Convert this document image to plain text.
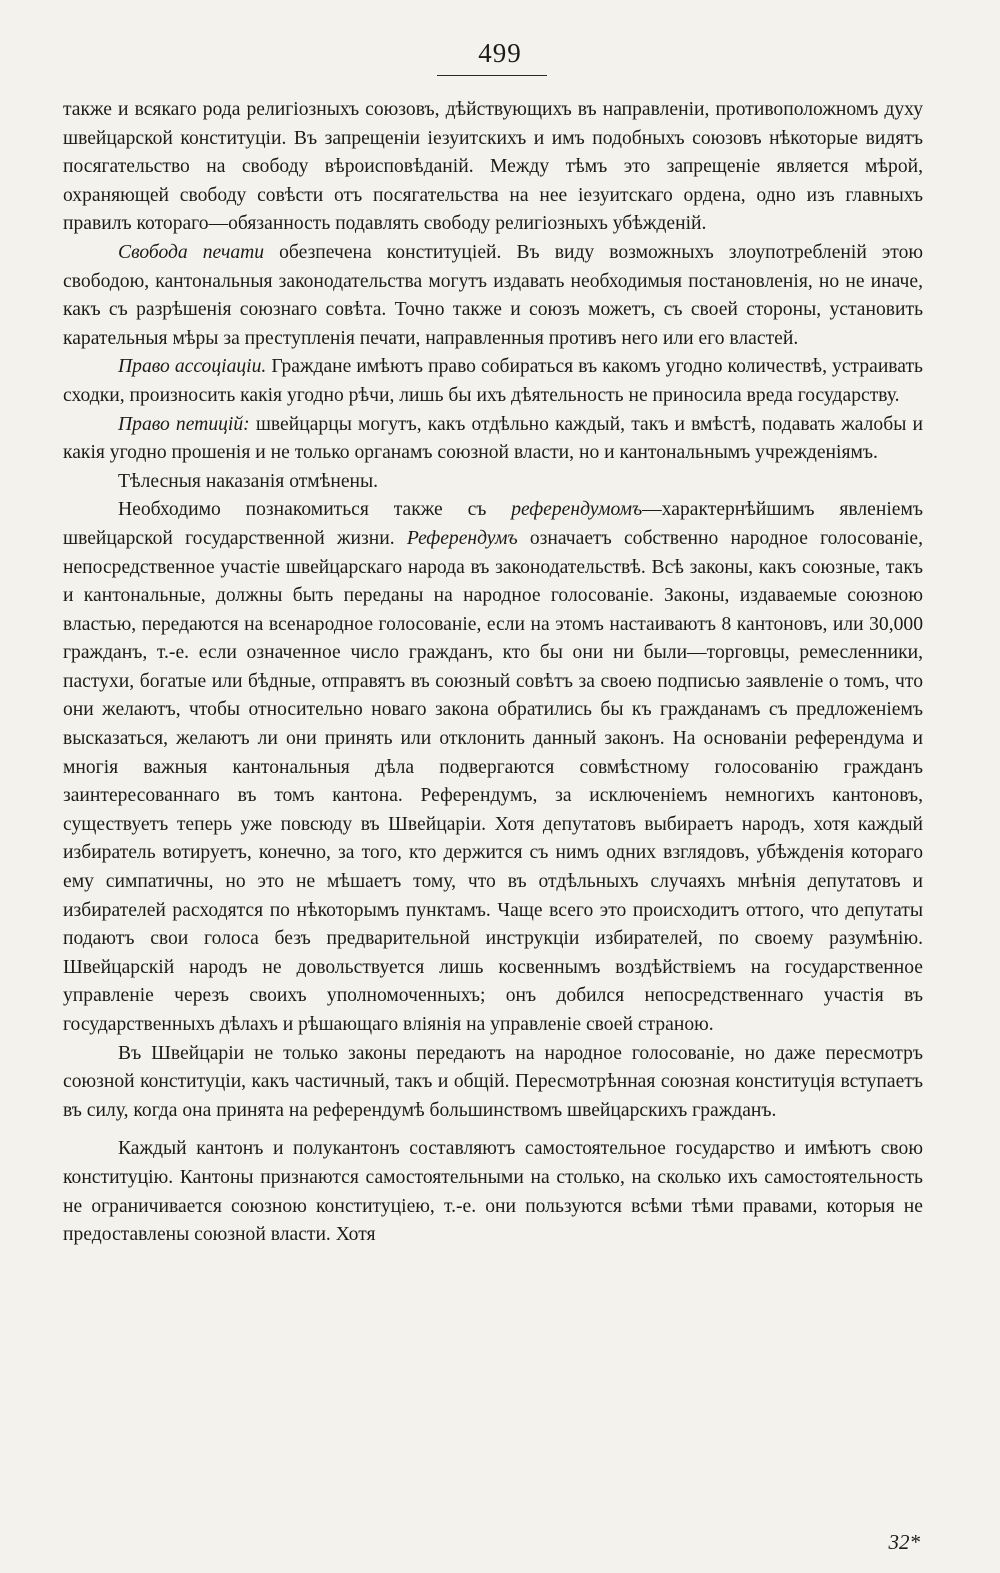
499

также и всякаго рода религіозныхъ союзовъ, дѣйствующихъ въ направленіи, противоположномъ духу швейцарской конституціи. Въ запрещеніи іезуитскихъ и имъ подобныхъ союзовъ нѣкоторые видятъ посягательство на свободу вѣроисповѣданій. Между тѣмъ это запрещеніе является мѣрой, охраняющей свободу совѣсти отъ посягательства на нее іезуитскаго ордена, одно изъ главныхъ правилъ котораго—обязанность подавлять свободу религіозныхъ убѣжденій.

Свобода печати обезпечена конституціей. Въ виду возможныхъ злоупотребленій этою свободою, кантональныя законодательства могутъ издавать необходимыя постановленія, но не иначе, какъ съ разрѣшенія союзнаго совѣта. Точно также и союзъ можетъ, съ своей стороны, установить карательныя мѣры за преступленія печати, направленныя противъ него или его властей.

Право ассоціаціи. Граждане имѣютъ право собираться въ какомъ угодно количествѣ, устраивать сходки, произносить какія угодно рѣчи, лишь бы ихъ дѣятельность не приносила вреда государству.

Право петицій: швейцарцы могутъ, какъ отдѣльно каждый, такъ и вмѣстѣ, подавать жалобы и какія угодно прошенія и не только органамъ союзной власти, но и кантональнымъ учрежденіямъ.

Тѣлесныя наказанія отмѣнены.

Необходимо познакомиться также съ референдумомъ—характернѣйшимъ явленіемъ швейцарской государственной жизни. Референдумъ означаетъ собственно народное голосованіе, непосредственное участіе швейцарскаго народа въ законодательствѣ. Всѣ законы, какъ союзные, такъ и кантональные, должны быть переданы на народное голосованіе. Законы, издаваемые союзною властью, передаются на всенародное голосованіе, если на этомъ настаиваютъ 8 кантоновъ, или 30,000 гражданъ, т.-е. если означенное число гражданъ, кто бы они ни были—торговцы, ремесленники, пастухи, богатые или бѣдные, отправятъ въ союзный совѣтъ за своею подписью заявленіе о томъ, что они желаютъ, чтобы относительно новаго закона обратились бы къ гражданамъ съ предложеніемъ высказаться, желаютъ ли они принять или отклонить данный законъ. На основаніи референдума и многія важныя кантональныя дѣла подвергаются совмѣстному голосованію гражданъ заинтересованнаго въ томъ кантона. Референдумъ, за исключеніемъ немногихъ кантоновъ, существуетъ теперь уже повсюду въ Швейцаріи. Хотя депутатовъ выбираетъ народъ, хотя каждый избиратель вотируетъ, конечно, за того, кто держится съ нимъ одних взглядовъ, убѣжденія котораго ему симпатичны, но это не мѣшаетъ тому, что въ отдѣльныхъ случаяхъ мнѣнія депутатовъ и избирателей расходятся по нѣкоторымъ пунктамъ. Чаще всего это происходитъ оттого, что депутаты подаютъ свои голоса безъ предварительной инструкціи избирателей, по своему разумѣнію. Швейцарскій народъ не довольствуется лишь косвеннымъ воздѣйствіемъ на государственное управленіе черезъ своихъ уполномоченныхъ; онъ добился непосредственнаго участія въ государственныхъ дѣлахъ и рѣшающаго вліянія на управленіе своей страною.

Въ Швейцаріи не только законы передаютъ на народное голосованіе, но даже пересмотръ союзной конституціи, какъ частичный, такъ и общій. Пересмотрѣнная союзная конституція вступаетъ въ силу, когда она принята на референдумѣ большинствомъ швейцарскихъ гражданъ.

Каждый кантонъ и полукантонъ составляютъ самостоятельное государство и имѣютъ свою конституцію. Кантоны признаются самостоятельными на столько, на сколько ихъ самостоятельность не ограничивается союзною конституціею, т.-е. они пользуются всѣми тѣми правами, которыя не предоставлены союзной власти. Хотя

32*
